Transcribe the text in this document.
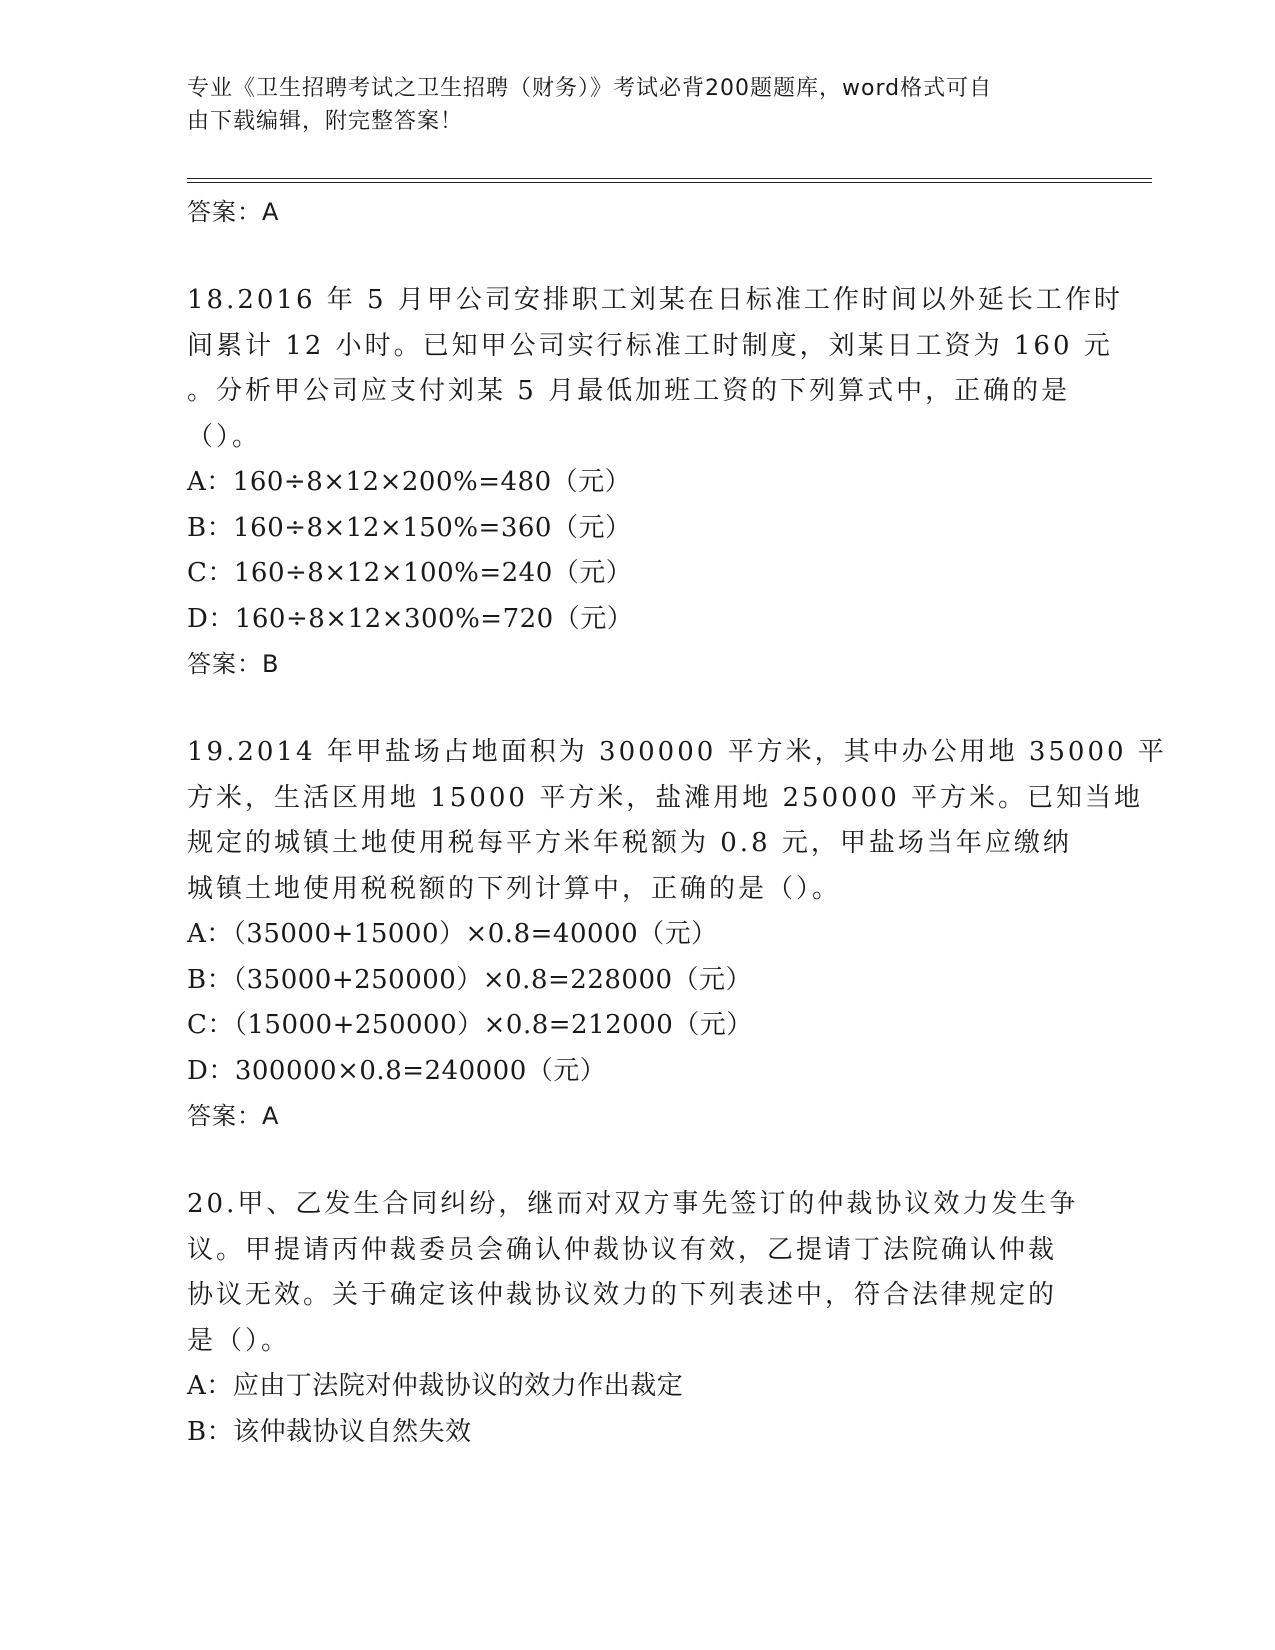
专业《卫生招聘考试之卫生招聘（财务）》考试必背200题题库，word格式可自
由下载编辑，附完整答案！
答案：A
18.2016 年 5 月甲公司安排职工刘某在日标准工作时间以外延长工作时
间累计 12 小时。已知甲公司实行标准工时制度，刘某日工资为 160 元
。分析甲公司应支付刘某 5 月最低加班工资的下列算式中，正确的是
（）。
A：160÷8×12×200%=480（元）
B：160÷8×12×150%=360（元）
C：160÷8×12×100%=240（元）
D：160÷8×12×300%=720（元）
答案：B
19.2014 年甲盐场占地面积为 300000 平方米，其中办公用地 35000 平
方米，生活区用地 15000 平方米，盐滩用地 250000 平方米。已知当地
规定的城镇土地使用税每平方米年税额为 0.8 元，甲盐场当年应缴纳
城镇土地使用税税额的下列计算中，正确的是（）。
A：（35000+15000）×0.8=40000（元）
B：（35000+250000）×0.8=228000（元）
C：（15000+250000）×0.8=212000（元）
D：300000×0.8=240000（元）
答案：A
20.甲、乙发生合同纠纷，继而对双方事先签订的仲裁协议效力发生争
议。甲提请丙仲裁委员会确认仲裁协议有效，乙提请丁法院确认仲裁
协议无效。关于确定该仲裁协议效力的下列表述中，符合法律规定的
是（）。
A：应由丁法院对仲裁协议的效力作出裁定
B：该仲裁协议自然失效
